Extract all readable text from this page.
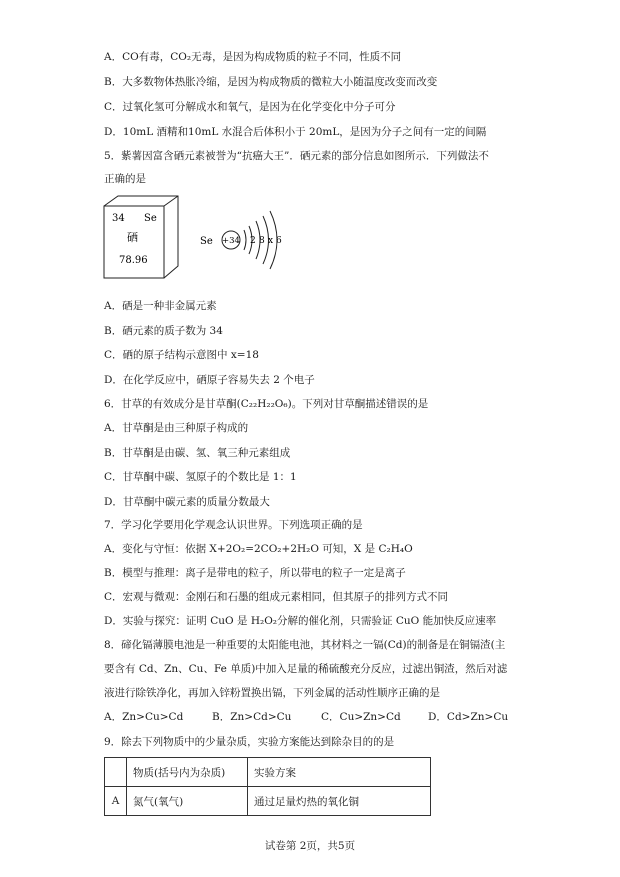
A．CO有毒，CO₂无毒，是因为构成物质的粒子不同，性质不同
B．大多数物体热胀冷缩，是因为构成物质的微粒大小随温度改变而改变
C．过氧化氢可分解成水和氧气，是因为在化学变化中分子可分
D．10mL 酒精和10mL 水混合后体积小于 20mL，是因为分子之间有一定的间隔
5．紫薯因富含硒元素被誉为“抗癌大王”．硒元素的部分信息如图所示．下列做法不
正确的是
34 Se
硒
78.96
Se +34 2 8 x 6
A．硒是一种非金属元素
B．硒元素的质子数为 34
C．硒的原子结构示意图中 x=18
D．在化学反应中，硒原子容易失去 2 个电子
6．甘草的有效成分是甘草酮(C₂₂H₂₂O₆)。下列对甘草酮描述错误的是
A．甘草酮是由三种原子构成的
B．甘草酮是由碳、氢、氧三种元素组成
C．甘草酮中碳、氢原子的个数比是 1：1
D．甘草酮中碳元素的质量分数最大
7．学习化学要用化学观念认识世界。下列选项正确的是
A．变化与守恒：依据 X+2O₂=2CO₂+2H₂O 可知，X 是 C₂H₄O
B．模型与推理：离子是带电的粒子，所以带电的粒子一定是离子
C．宏观与微观：金刚石和石墨的组成元素相同，但其原子的排列方式不同
D．实验与探究：证明 CuO 是 H₂O₂分解的催化剂，只需验证 CuO 能加快反应速率
8．碲化镉薄膜电池是一种重要的太阳能电池，其材料之一镉(Cd)的制备是在铜镉渣(主
要含有 Cd、Zn、Cu、Fe 单质)中加入足量的稀硫酸充分反应，过滤出铜渣，然后对滤
液进行除铁净化，再加入锌粉置换出镉，下列金属的活动性顺序正确的是
A．Zn>Cu>Cd	B．Zn>Cd>Cu	C．Cu>Zn>Cd	D．Cd>Zn>Cu
9．除去下列物质中的少量杂质，实验方案能达到除杂目的的是
	物质(括号内为杂质)	实验方案
A	氮气(氧气)	通过足量灼热的氧化铜
试卷第 2页，共5页
